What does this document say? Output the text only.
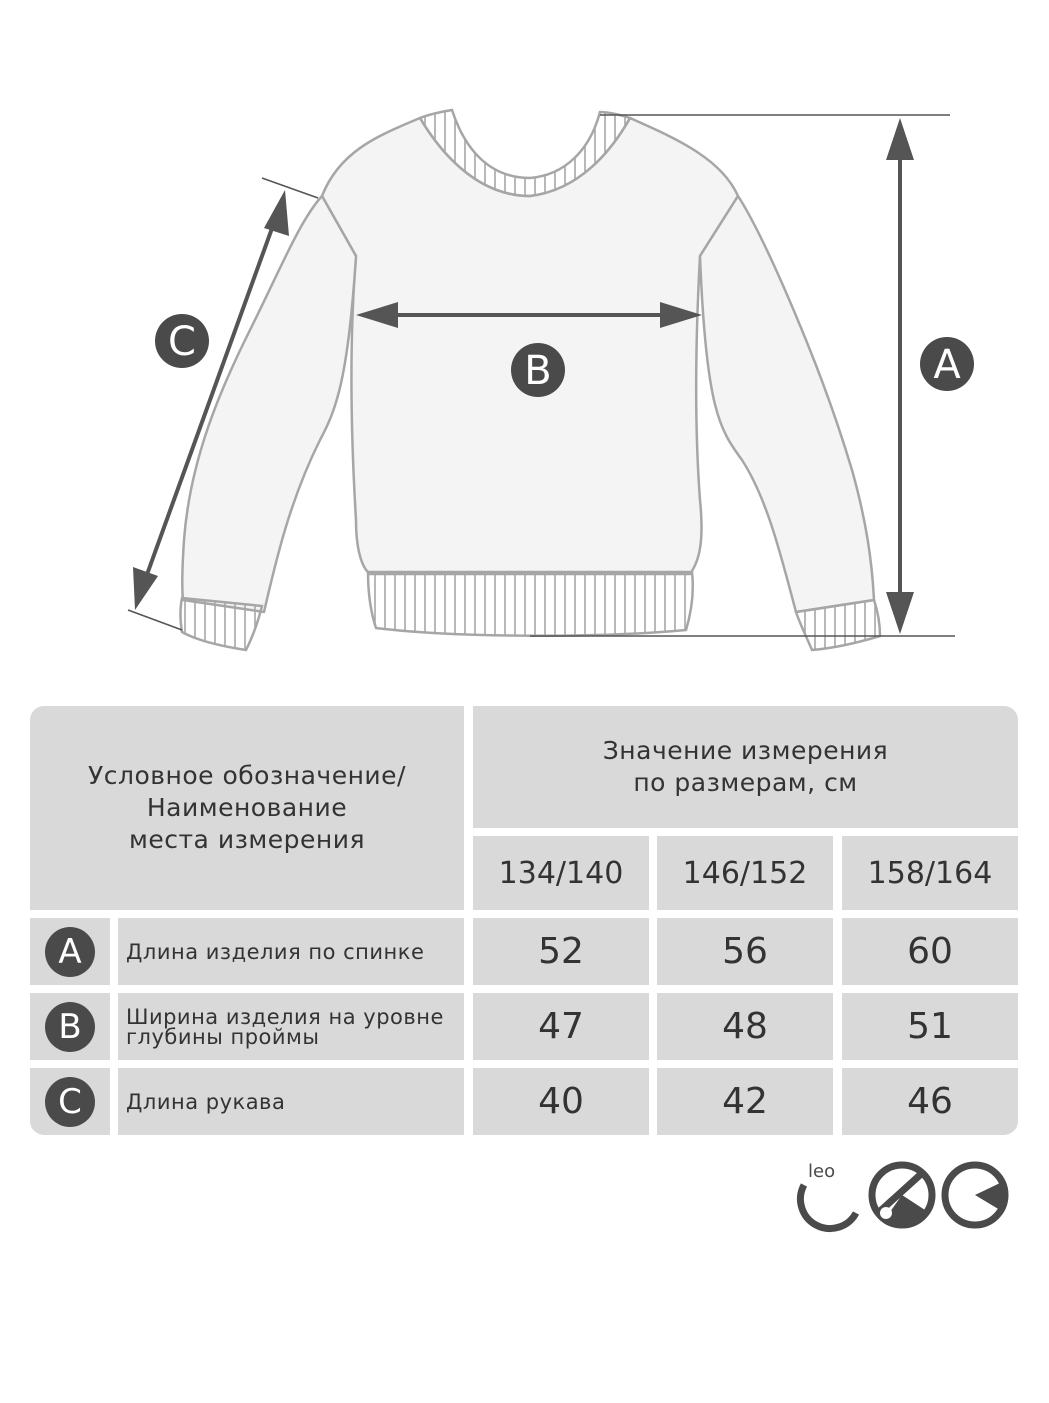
C
B	A
Условное обозначение/
Наименование
места измерения
Значение измерения
по размерам, см
134/140 146/152 158/164
A	Длина изделия по спинке	52	56	60
B	Ширина изделия на уровне
глубины проймы	47	48	51
C	Длина рукава	40	42	46
leo
